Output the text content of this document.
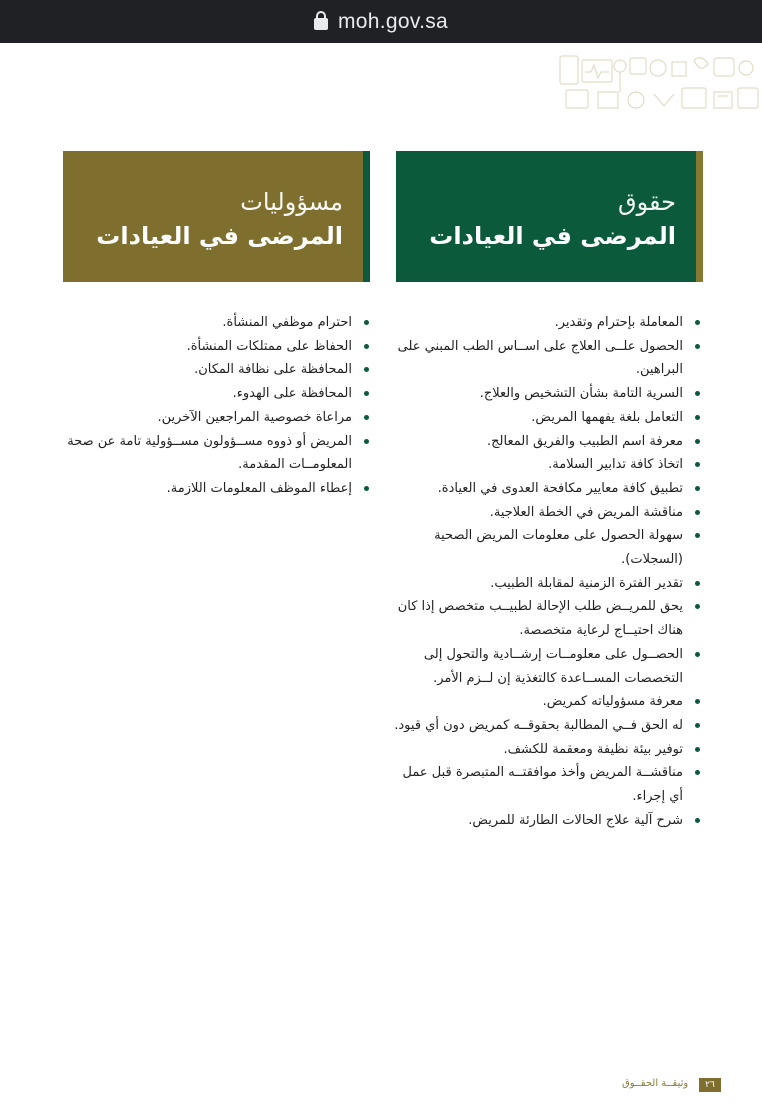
moh.gov.sa
حقوق
المرضى في العيادات
مسؤوليات
المرضى في العيادات
المعاملة بإحترام وتقدير.
الحصول علــى العلاج على اســاس الطب المبني على البراهين.
السرية التامة بشأن التشخيص والعلاج.
التعامل بلغة يفهمها المريض.
معرفة اسم الطبيب والفريق المعالج.
اتخاذ كافة تدابير السلامة.
تطبيق كافة معايير مكافحة العدوى في العيادة.
مناقشة المريض في الخطة العلاجية.
سهولة الحصول على معلومات المريض الصحية (السجلات).
تقدير الفترة الزمنية لمقابلة الطبيب.
يحق للمريــض طلب الإحالة لطبيــب متخصص إذا كان هناك احتيــاج لرعاية متخصصة.
الحصــول على معلومــات إرشــادية والتحول إلى التخصصات المســاعدة كالتغذية إن لــزم الأمر.
معرفة مسؤولياته كمريض.
له الحق فــي المطالبة بحقوقــه كمريض دون أي قيود.
توفير بيئة نظيفة ومعقمة للكشف.
مناقشــة المريض وأخذ موافقتــه المتبصرة قبل عمل أي إجراء.
شرح آلية علاج الحالات الطارئة للمريض.
احترام موظفي المنشأة.
الحفاظ على ممتلكات المنشأة.
المحافظة على نظافة المكان.
المحافظة على الهدوء.
مراعاة خصوصية المراجعين الآخرين.
المريض أو ذووه مســؤولون مســؤولية تامة عن صحة المعلومــات المقدمة.
إعطاء الموظف المعلومات اللازمة.
وثيقــة الحقــوق	٢٦
